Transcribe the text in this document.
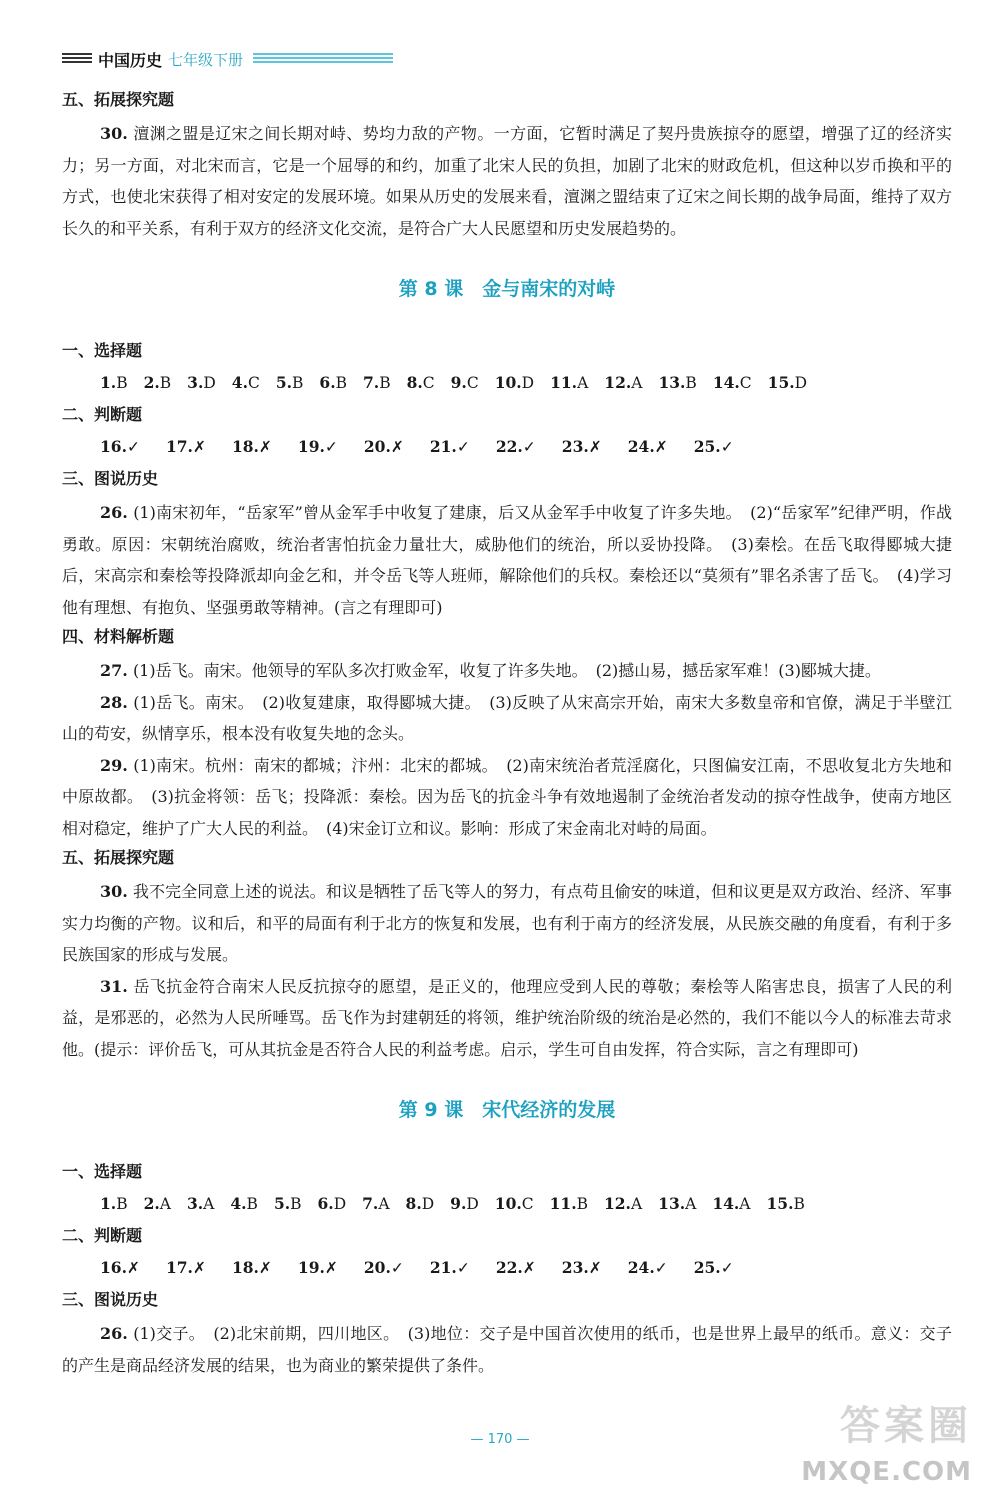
中国历史 七年级下册
五、拓展探究题

30. 澶渊之盟是辽宋之间长期对峙、势均力敌的产物。一方面，它暂时满足了契丹贵族掠夺的愿望，增强了辽的经济实力；另一方面，对北宋而言，它是一个屈辱的和约，加重了北宋人民的负担，加剧了北宋的财政危机，但这种以岁币换和平的方式，也使北宋获得了相对安定的发展环境。如果从历史的发展来看，澶渊之盟结束了辽宋之间长期的战争局面，维持了双方长久的和平关系，有利于双方的经济文化交流，是符合广大人民愿望和历史发展趋势的。

第 8 课　金与南宋的对峙
一、选择题
1.B 2.B 3.D 4.C 5.B 6.B 7.B 8.C 9.C 10.D 11.A 12.A 13.B 14.C 15.D
二、判断题
16.✓ 17.✗ 18.✗ 19.✓ 20.✗ 21.✓ 22.✓ 23.✗ 24.✗ 25.✓
三、图说历史

26. (1)南宋初年，“岳家军”曾从金军手中收复了建康，后又从金军手中收复了许多失地。　(2)“岳家军”纪律严明，作战勇敢。原因：宋朝统治腐败，统治者害怕抗金力量壮大，威胁他们的统治，所以妥协投降。　(3)秦桧。在岳飞取得郾城大捷后，宋高宗和秦桧等投降派却向金乞和，并令岳飞等人班师，解除他们的兵权。秦桧还以“莫须有”罪名杀害了岳飞。　(4)学习他有理想、有抱负、坚强勇敢等精神。(言之有理即可)

四、材料解析题

27. (1)岳飞。南宋。他领导的军队多次打败金军，收复了许多失地。　(2)撼山易，撼岳家军难！(3)郾城大捷。

28. (1)岳飞。南宋。　(2)收复建康，取得郾城大捷。　(3)反映了从宋高宗开始，南宋大多数皇帝和官僚，满足于半壁江山的苟安，纵情享乐，根本没有收复失地的念头。

29. (1)南宋。杭州：南宋的都城；汴州：北宋的都城。　(2)南宋统治者荒淫腐化，只图偏安江南，不思收复北方失地和中原故都。　(3)抗金将领：岳飞；投降派：秦桧。因为岳飞的抗金斗争有效地遏制了金统治者发动的掠夺性战争，使南方地区相对稳定，维护了广大人民的利益。　(4)宋金订立和议。影响：形成了宋金南北对峙的局面。

五、拓展探究题

30. 我不完全同意上述的说法。和议是牺牲了岳飞等人的努力，有点苟且偷安的味道，但和议更是双方政治、经济、军事实力均衡的产物。议和后，和平的局面有利于北方的恢复和发展，也有利于南方的经济发展，从民族交融的角度看，有利于多民族国家的形成与发展。

31. 岳飞抗金符合南宋人民反抗掠夺的愿望，是正义的，他理应受到人民的尊敬；秦桧等人陷害忠良，损害了人民的利益，是邪恶的，必然为人民所唾骂。岳飞作为封建朝廷的将领，维护统治阶级的统治是必然的，我们不能以今人的标准去苛求他。(提示：评价岳飞，可从其抗金是否符合人民的利益考虑。启示，学生可自由发挥，符合实际，言之有理即可)

第 9 课　宋代经济的发展
一、选择题
1.B 2.A 3.A 4.B 5.B 6.D 7.A 8.D 9.D 10.C 11.B 12.A 13.A 14.A 15.B
二、判断题
16.✗ 17.✗ 18.✗ 19.✗ 20.✓ 21.✓ 22.✗ 23.✗ 24.✓ 25.✓
三、图说历史

26. (1)交子。　(2)北宋前期，四川地区。　(3)地位：交子是中国首次使用的纸币，也是世界上最早的纸币。意义：交子的产生是商品经济发展的结果，也为商业的繁荣提供了条件。

— 170 —	答案圈
MXQE.COM
